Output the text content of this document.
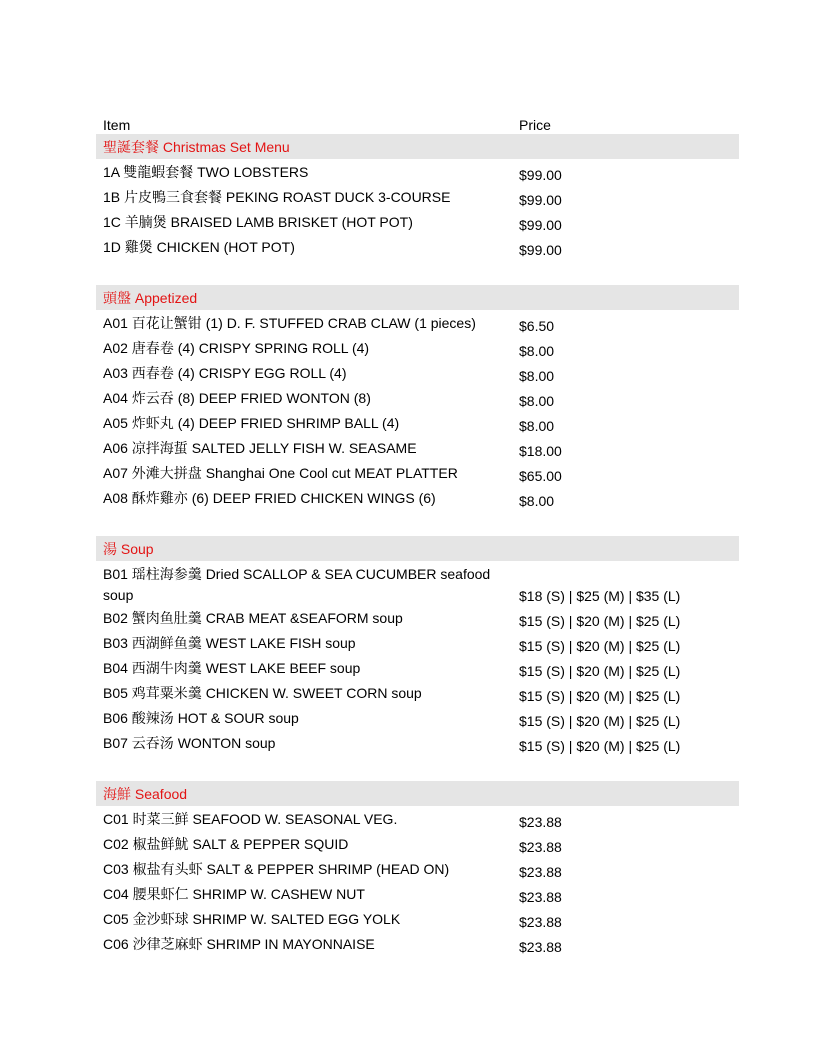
Item	Price
聖誕套餐 Christmas Set Menu
1A 雙龍蝦套餐 TWO LOBSTERS	$99.00
1B 片皮鴨三食套餐 PEKING ROAST DUCK 3-COURSE	$99.00
1C 羊腩煲 BRAISED LAMB BRISKET (HOT POT)	$99.00
1D 雞煲 CHICKEN (HOT POT)	$99.00
頭盤 Appetized
A01 百花让蟹钳 (1) D. F. STUFFED CRAB CLAW (1 pieces)	$6.50
A02 唐春卷 (4) CRISPY SPRING ROLL (4)	$8.00
A03 西春卷 (4) CRISPY EGG ROLL (4)	$8.00
A04 炸云吞 (8) DEEP FRIED WONTON (8)	$8.00
A05 炸虾丸 (4) DEEP FRIED SHRIMP BALL (4)	$8.00
A06 凉拌海蜇 SALTED JELLY FISH W. SEASAME	$18.00
A07 外滩大拼盘 Shanghai One Cool cut MEAT PLATTER	$65.00
A08 酥炸雞亦 (6) DEEP FRIED CHICKEN WINGS (6)	$8.00
湯 Soup
B01 瑶柱海参羹 Dried SCALLOP & SEA CUCUMBER seafood soup	$18 (S) | $25 (M) | $35 (L)
B02 蟹肉鱼肚羹 CRAB MEAT &SEAFORM soup	$15 (S) | $20 (M) | $25 (L)
B03 西湖鲜鱼羹 WEST LAKE FISH soup	$15 (S) | $20 (M) | $25 (L)
B04 西湖牛肉羹 WEST LAKE BEEF soup	$15 (S) | $20 (M) | $25 (L)
B05 鸡茸粟米羹 CHICKEN W. SWEET CORN soup	$15 (S) | $20 (M) | $25 (L)
B06 酸辣汤 HOT & SOUR soup	$15 (S) | $20 (M) | $25 (L)
B07 云吞汤 WONTON soup	$15 (S) | $20 (M) | $25 (L)
海鮮 Seafood
C01 时菜三鲜 SEAFOOD W. SEASONAL VEG.	$23.88
C02 椒盐鲜魷 SALT & PEPPER SQUID	$23.88
C03 椒盐有头虾 SALT & PEPPER SHRIMP (HEAD ON)	$23.88
C04 腰果虾仁 SHRIMP W. CASHEW NUT	$23.88
C05 金沙虾球 SHRIMP W. SALTED EGG YOLK	$23.88
C06 沙律芝麻虾 SHRIMP IN MAYONNAISE	$23.88
